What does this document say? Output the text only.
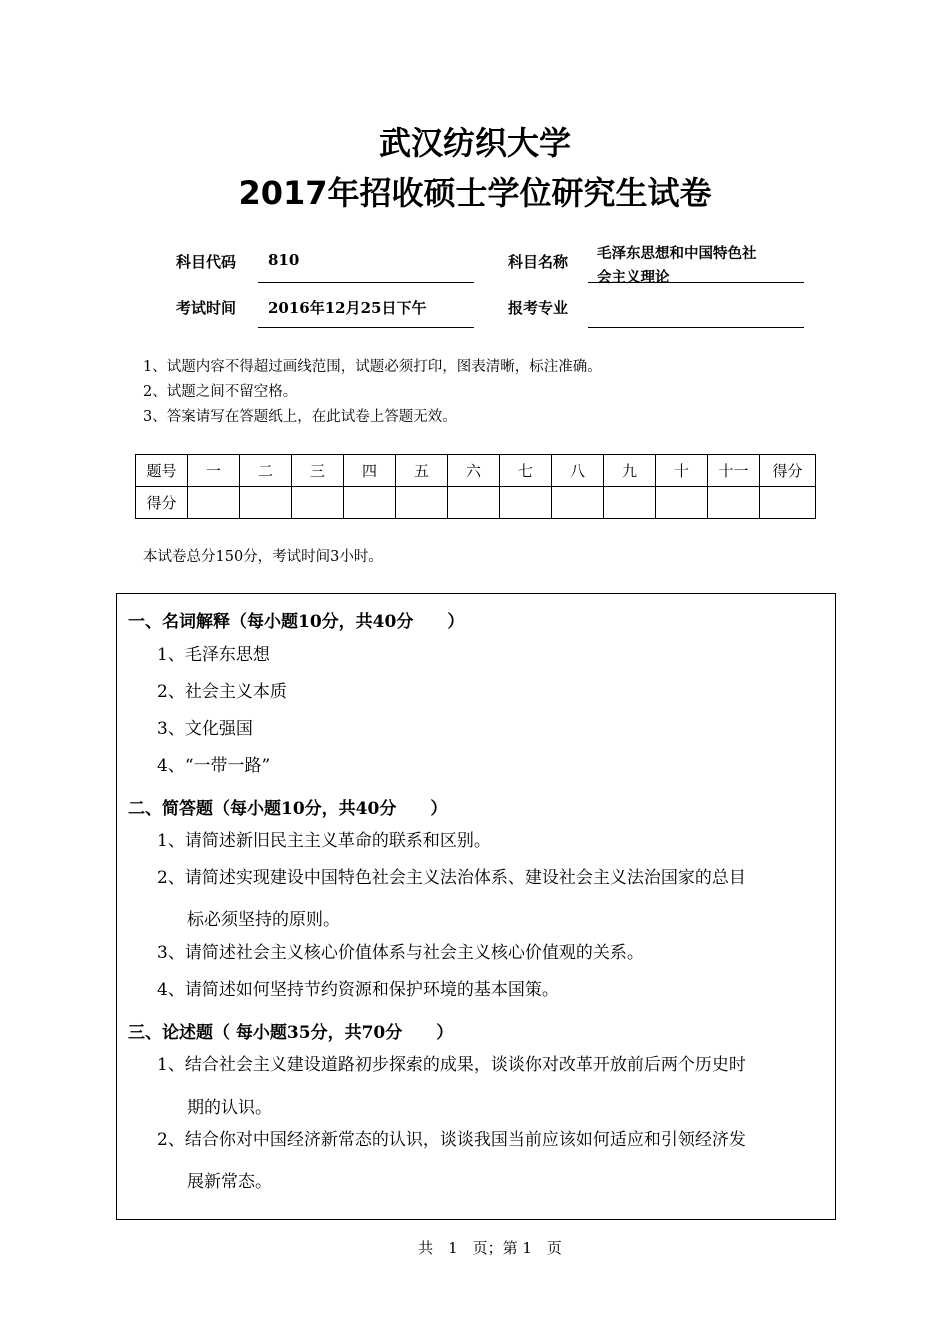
武汉纺织大学
2017年招收硕士学位研究生试卷
科目代码 810	科目名称 毛泽东思想和中国特色社
会主义理论
考试时间 2016年12月25日下午	报考专业
1、试题内容不得超过画线范围，试题必须打印，图表清晰，标注准确。
2、试题之间不留空格。
3、答案请写在答题纸上，在此试卷上答题无效。
题号	一	二	三	四	五	六	七	八	九	十	十一	得分
得分												
本试卷总分150分，考试时间3小时。
一、名词解释（每小题10分，共40分　　）
1、毛泽东思想
2、社会主义本质
3、文化强国
4、“一带一路”
二、简答题（每小题10分，共40分　　）
1、请简述新旧民主主义革命的联系和区别。
2、请简述实现建设中国特色社会主义法治体系、建设社会主义法治国家的总目
标必须坚持的原则。
3、请简述社会主义核心价值体系与社会主义核心价值观的关系。
4、请简述如何坚持节约资源和保护环境的基本国策。
三、论述题（ 每小题35分，共70分　　）
1、结合社会主义建设道路初步探索的成果，谈谈你对改革开放前后两个历史时
期的认识。
2、结合你对中国经济新常态的认识，谈谈我国当前应该如何适应和引领经济发
展新常态。
共　1　页；第 1　页
